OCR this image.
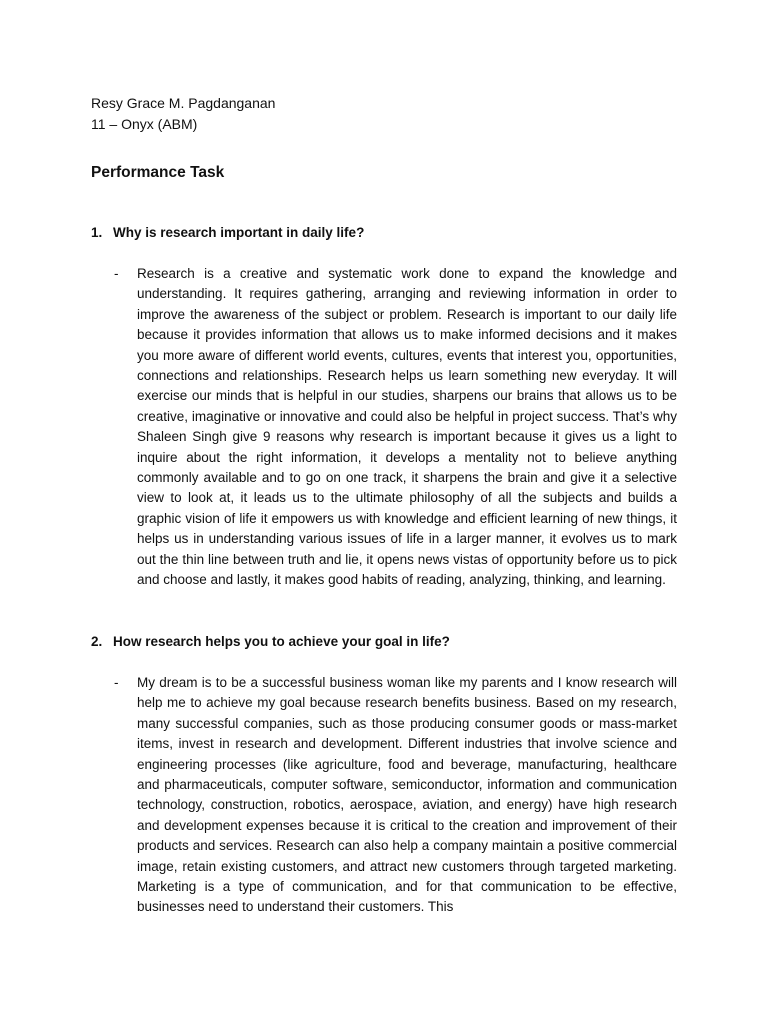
Resy Grace M. Pagdanganan
11 – Onyx (ABM)
Performance Task
1. Why is research important in daily life?
-	Research is a creative and systematic work done to expand the knowledge and understanding. It requires gathering, arranging and reviewing information in order to improve the awareness of the subject or problem. Research is important to our daily life because it provides information that allows us to make informed decisions and it makes you more aware of different world events, cultures, events that interest you, opportunities, connections and relationships. Research helps us learn something new everyday. It will exercise our minds that is helpful in our studies, sharpens our brains that allows us to be creative, imaginative or innovative and could also be helpful in project success. That’s why Shaleen Singh give 9 reasons why research is important because it gives us a light to inquire about the right information, it develops a mentality not to believe anything commonly available and to go on one track, it sharpens the brain and give it a selective view to look at, it leads us to the ultimate philosophy of all the subjects and builds a graphic vision of life it empowers us with knowledge and efficient learning of new things, it helps us in understanding various issues of life in a larger manner, it evolves us to mark out the thin line between truth and lie, it opens news vistas of opportunity before us to pick and choose and lastly, it makes good habits of reading, analyzing, thinking, and learning.
2. How research helps you to achieve your goal in life?
-	My dream is to be a successful business woman like my parents and I know research will help me to achieve my goal because research benefits business. Based on my research, many successful companies, such as those producing consumer goods or mass-market items, invest in research and development. Different industries that involve science and engineering processes (like agriculture, food and beverage, manufacturing, healthcare and pharmaceuticals, computer software, semiconductor, information and communication technology, construction, robotics, aerospace, aviation, and energy) have high research and development expenses because it is critical to the creation and improvement of their products and services. Research can also help a company maintain a positive commercial image, retain existing customers, and attract new customers through targeted marketing. Marketing is a type of communication, and for that communication to be effective, businesses need to understand their customers. This
